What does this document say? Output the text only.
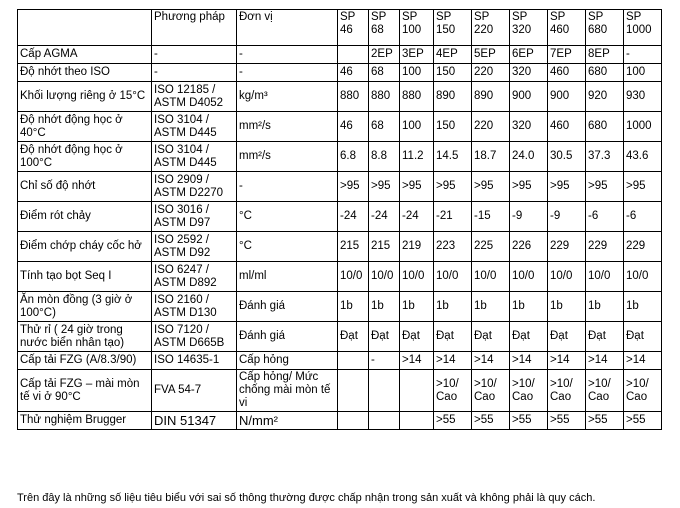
	Phương pháp	Đơn vị	SP 46	SP 68	SP 100	SP 150	SP 220	SP 320	SP 460	SP 680	SP 1000
Cấp AGMA	-	-		2EP	3EP	4EP	5EP	6EP	7EP	8EP	-
Độ nhớt theo ISO	-	-	46	68	100	150	220	320	460	680	100
Khối lượng riêng ở 15°C	ISO 12185 / ASTM D4052	kg/m³	880	880	880	890	890	900	900	920	930
Độ nhớt động học ở 40°C	ISO 3104 / ASTM D445	mm²/s	46	68	100	150	220	320	460	680	1000
Độ nhớt động học ở 100°C	ISO 3104 / ASTM D445	mm²/s	6.8	8.8	11.2	14.5	18.7	24.0	30.5	37.3	43.6
Chỉ số độ nhớt	ISO 2909 / ASTM D2270	-	>95	>95	>95	>95	>95	>95	>95	>95	>95
Điểm rót chảy	ISO 3016 / ASTM D97	°C	-24	-24	-24	-21	-15	-9	-9	-6	-6
Điểm chớp cháy cốc hở	ISO 2592 / ASTM D92	°C	215	215	219	223	225	226	229	229	229
Tính tạo bọt Seq I	ISO 6247 / ASTM D892	ml/ml	10/0	10/0	10/0	10/0	10/0	10/0	10/0	10/0	10/0
Ăn mòn đồng (3 giờ ở 100°C)	ISO 2160 / ASTM D130	Đánh giá	1b	1b	1b	1b	1b	1b	1b	1b	1b
Thử rỉ ( 24 giờ trong nước biển nhân tạo)	ISO 7120 / ASTM D665B	Đánh giá	Đạt	Đạt	Đạt	Đạt	Đạt	Đạt	Đạt	Đạt	Đạt
Cấp tải FZG (A/8.3/90)	ISO 14635-1	Cấp hỏng		-	>14	>14	>14	>14	>14	>14	>14
Cấp tải FZG – mài mòn tế vi ở 90°C	FVA 54-7	Cấp hỏng/ Mức chống mài mòn tế vi				>10/ Cao	>10/ Cao	>10/ Cao	>10/ Cao	>10/ Cao	>10/ Cao
Thử nghiệm Brugger	DIN 51347	N/mm²				>55	>55	>55	>55	>55	>55
Trên đây là những số liệu tiêu biểu với sai số thông thường được chấp nhận trong sản xuất và không phải là quy cách.
